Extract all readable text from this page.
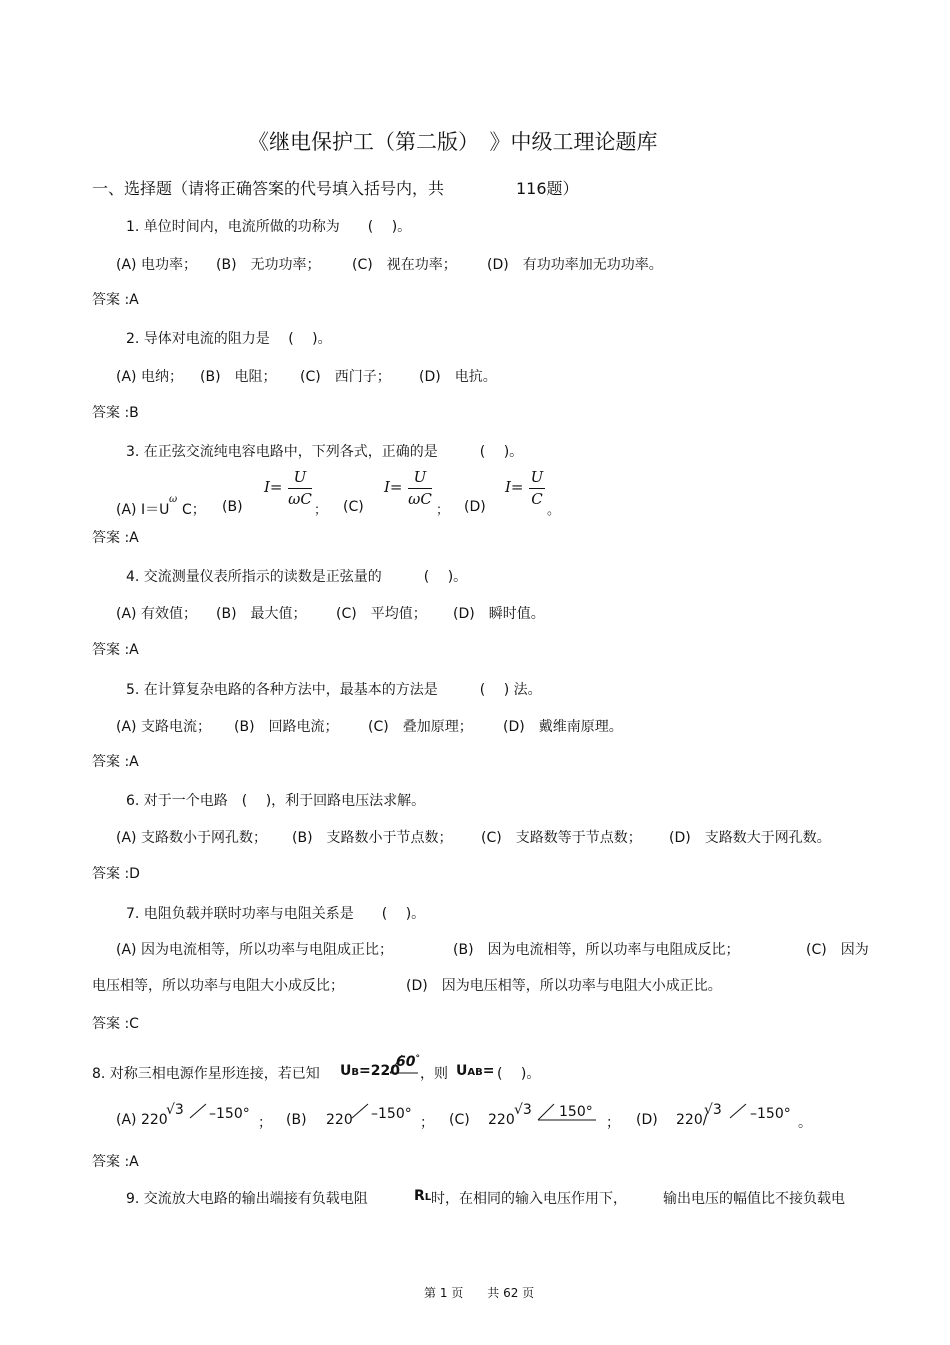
《继电保护工（第二版）　》中级工理论题库
一、选择题（请将正确答案的代号填入括号内，共	116题）
1. 单位时间内，电流所做的功称为　　(　 )。
(A) 电功率； (B)　无功功率； (C)　视在功率； (D)　有功功率加无功功率。
答案 :A
2. 导体对电流的阻力是　 (　 )。
(A) 电纳； (B)　电阻； (C)　西门子； (D)　电抗。
答案 :B
3. 在正弦交流纯电容电路中，下列各式，正确的是　　　(　 )。
(A) I＝U
ω
C； (B)
I=
U
ωC
； (C)
I=
U
ωC
； (D)
I=
U
C
。
答案 :A
4. 交流测量仪表所指示的读数是正弦量的　　　(　 )。
(A) 有效值； (B)　最大值； (C)　平均值； (D)　瞬时值。
答案 :A
5. 在计算复杂电路的各种方法中，最基本的方法是　　　(　 ) 法。
(A) 支路电流； (B)　回路电流； (C)　叠加原理； (D)　戴维南原理。
答案 :A
6. 对于一个电路　(　 )，利于回路电压法求解。
(A) 支路数小于网孔数； (B)　支路数小于节点数； (C)　支路数等于节点数； (D)　支路数大于网孔数。
答案 :D
7. 电阻负载并联时功率与电阻关系是　　(　 )。
(A) 因为电流相等，所以功率与电阻成正比；	(B)　因为电流相等，所以功率与电阻成反比；	(C)　因为
电压相等，所以功率与电阻大小成反比；	(D)　因为电压相等，所以功率与电阻大小成正比。
答案 :C
8. 对称三相电源作星形连接，若已知 UB=220
60°
，则 UAB= (　 )。
(A) 220
√3 –150°
； (B) 220 –150°
； (C) 220
√3 150°
； (D) 220/
√3 –150°
。
答案 :A
9. 交流放大电路的输出端接有负载电阻	RL 时，在相同的输入电压作用下，	输出电压的幅值比不接负载电
第 1 页　　共 62 页
